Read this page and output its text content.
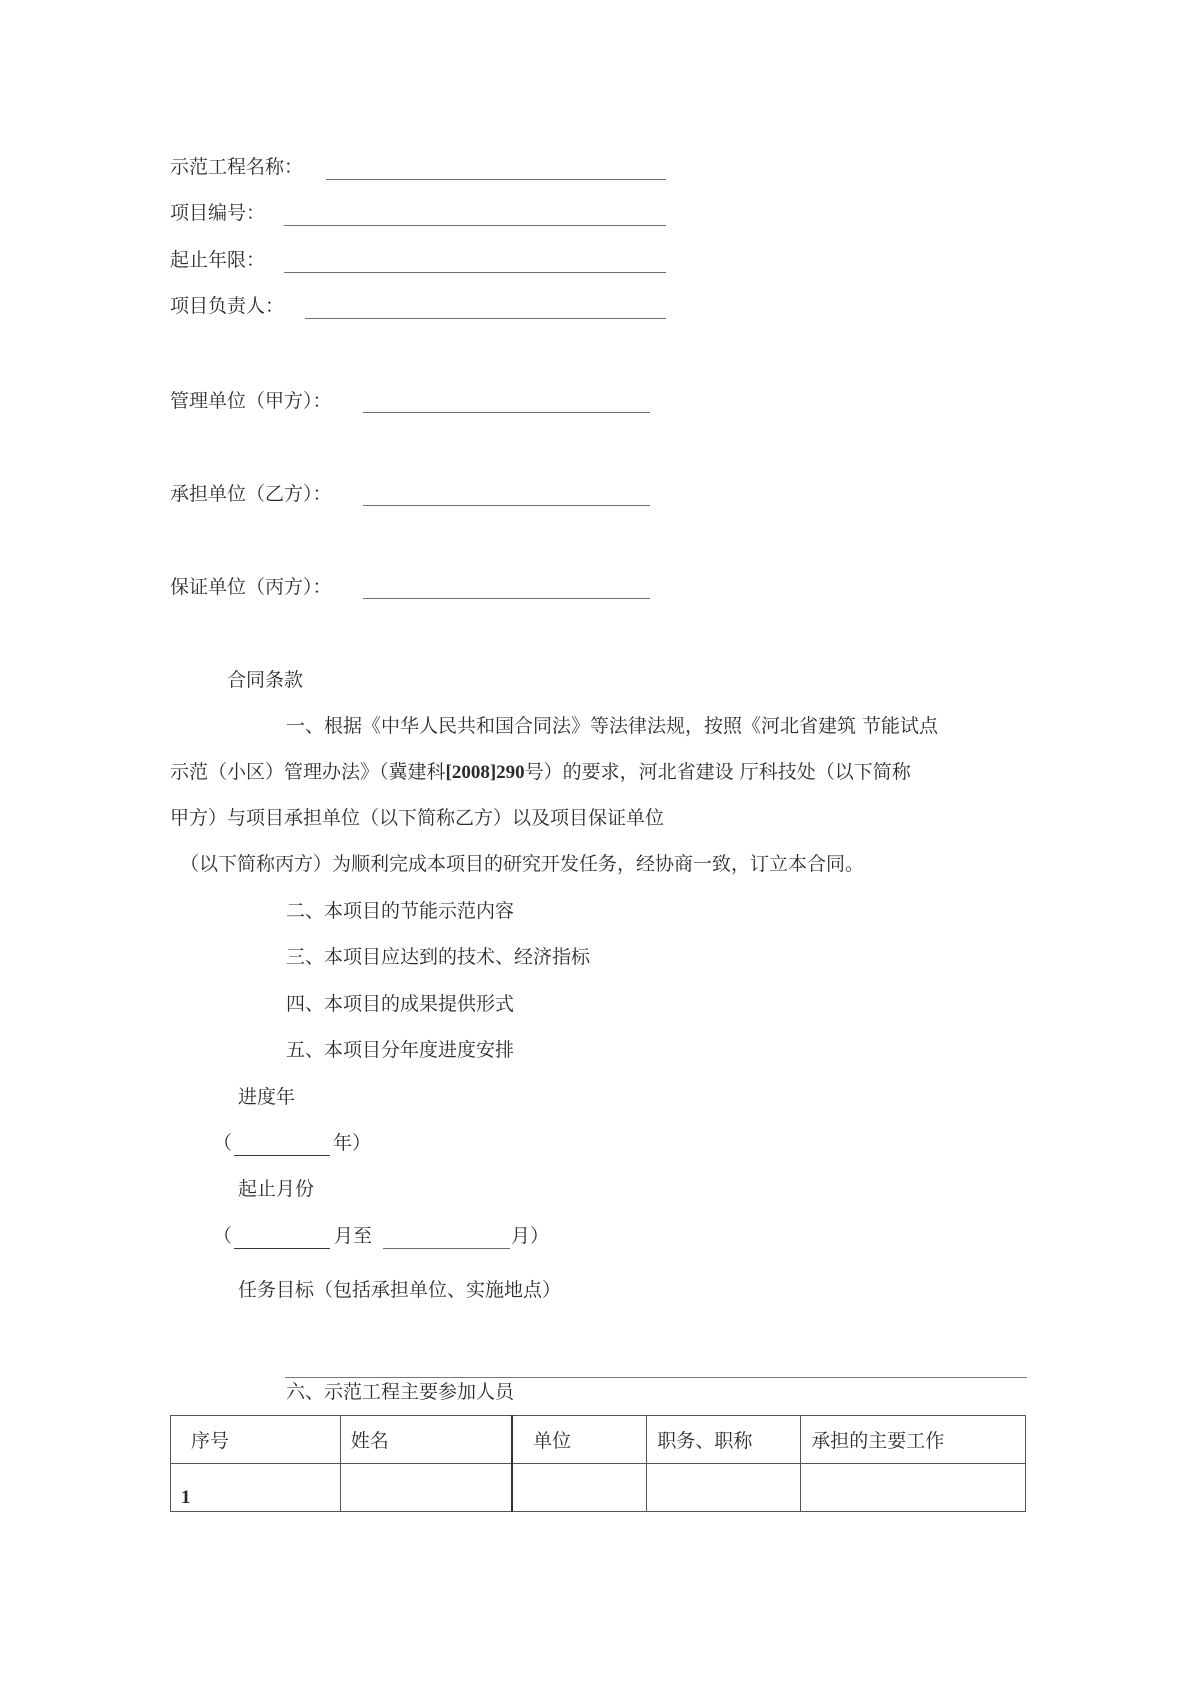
示范工程名称：
项目编号：
起止年限：
项目负责人：
管理单位（甲方）：
承担单位（乙方）：
保证单位（丙方）：
合同条款
一、根据《中华人民共和国合同法》等法律法规，按照《河北省建筑 节能试点
示范（小区）管理办法》（冀建科[2008]290号）的要求，河北省建设 厅科技处（以下简称
甲方）与项目承担单位（以下简称乙方）以及项目保证单位
（以下简称丙方）为顺利完成本项目的研究开发任务，经协商一致，订立本合同。
二、本项目的节能示范内容
三、本项目应达到的技术、经济指标
四、本项目的成果提供形式
五、本项目分年度进度安排
进度年
（	年）
起止月份
（	月至	月）
任务目标（包括承担单位、实施地点）
六、示范工程主要参加人员
序号	姓名	单位	职务、职称	承担的主要工作

1				
